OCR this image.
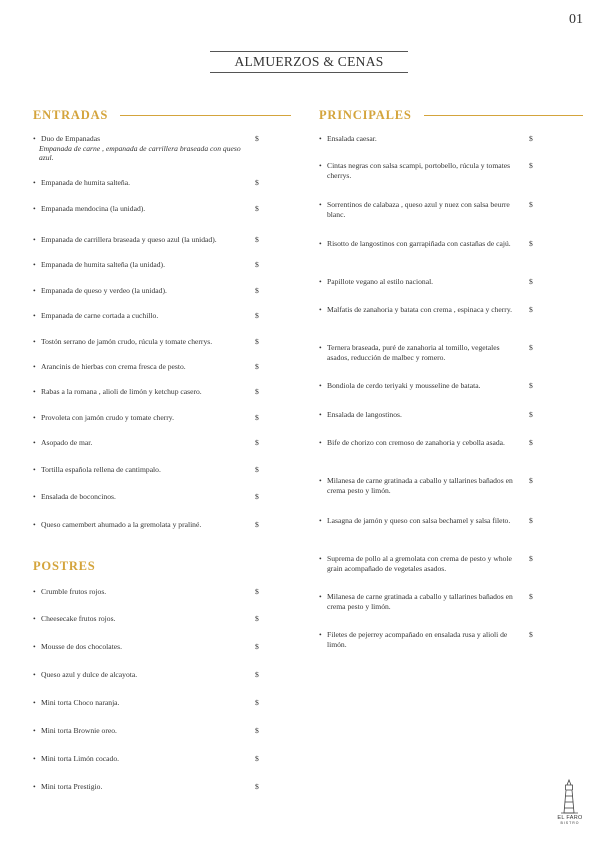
01
ALMUERZOS & CENAS
ENTRADAS	PRINCIPALES
POSTRES
• Duo de Empanadas
Empanada de carne , empanada de carrillera braseada con queso azul.
$
• Empanada de humita salteña.	$
• Empanada mendocina (la unidad).	$
• Empanada de carrillera braseada y queso azul (la unidad).	$
• Empanada de humita salteña (la unidad).	$
• Empanada de queso y verdeo (la unidad).	$
• Empanada de carne cortada a cuchillo.	$
• Tostón serrano de jamón crudo, rúcula y tomate cherrys.	$
• Arancinis de hierbas con crema fresca de pesto.	$
• Rabas a la romana , alioli de limón y ketchup casero.	$
• Provoleta con jamón crudo y tomate cherry.	$
• Asopado de mar.	$
• Tortilla española rellena de cantimpalo.	$
• Ensalada de boconcinos.	$
• Queso camembert ahumado a la gremolata y praliné.	$
• Crumble frutos rojos.	$
• Cheesecake frutos rojos.	$
• Mousse de dos chocolates.	$
• Queso azul y dulce de alcayota.	$
• Mini torta Choco naranja.	$
• Mini torta Brownie oreo.	$
• Mini torta Limón cocado.	$
• Mini torta Prestigio.	$
• Ensalada caesar.	$
• Cintas negras con salsa scampi, portobello, rúcula y tomates cherrys.
$
• Sorrentinos de calabaza , queso azul y nuez con salsa beurre blanc.
$
• Risotto de langostinos con garrapiñada con castañas de cajú.	$
• Papillote vegano al estilo nacional.	$
• Malfatis de zanahoria y batata con crema , espinaca y cherry.	$
• Ternera braseada, puré de zanahoria al tomillo, vegetales asados, reducción de malbec y romero.
$
• Bondiola de cerdo teriyaki y mousseline de batata.	$
• Ensalada de langostinos.	$
• Bife de chorizo con cremoso de zanahoria y cebolla asada.	$
• Milanesa de carne gratinada a caballo y tallarines bañados en crema pesto y limón.
$
• Lasagna de jamón y queso con salsa bechamel y salsa fileto.	$
• Suprema de pollo al a gremolata con crema de pesto y whole grain acompañado de vegetales asados.
$
• Milanesa de carne gratinada a caballo y tallarines bañados en crema pesto y limón.
$
• Filetes de pejerrey acompañado en ensalada rusa y alioli de limón.
$
EL FARO
BISTRO
